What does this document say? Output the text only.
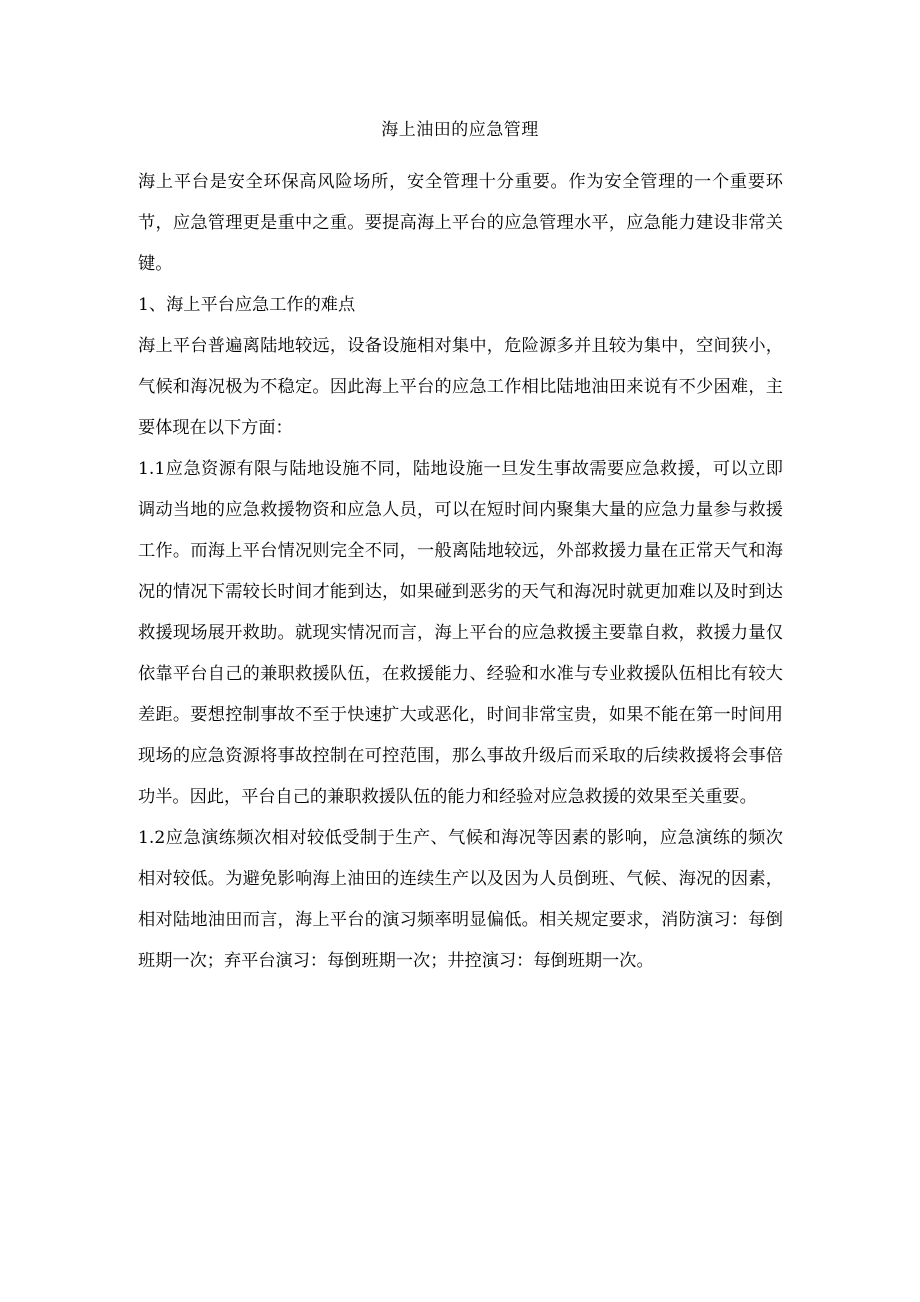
海上油田的应急管理

海上平台是安全环保高风险场所，安全管理十分重要。作为安全管理的一个重要环节，应急管理更是重中之重。要提高海上平台的应急管理水平，应急能力建设非常关键。

1、海上平台应急工作的难点

海上平台普遍离陆地较远，设备设施相对集中，危险源多并且较为集中，空间狭小，气候和海况极为不稳定。因此海上平台的应急工作相比陆地油田来说有不少困难，主要体现在以下方面：

1.1应急资源有限与陆地设施不同，陆地设施一旦发生事故需要应急救援，可以立即调动当地的应急救援物资和应急人员，可以在短时间内聚集大量的应急力量参与救援工作。而海上平台情况则完全不同，一般离陆地较远，外部救援力量在正常天气和海况的情况下需较长时间才能到达，如果碰到恶劣的天气和海况时就更加难以及时到达救援现场展开救助。就现实情况而言，海上平台的应急救援主要靠自救，救援力量仅依靠平台自己的兼职救援队伍，在救援能力、经验和水准与专业救援队伍相比有较大差距。要想控制事故不至于快速扩大或恶化，时间非常宝贵，如果不能在第一时间用现场的应急资源将事故控制在可控范围，那么事故升级后而采取的后续救援将会事倍功半。因此，平台自己的兼职救援队伍的能力和经验对应急救援的效果至关重要。

1.2应急演练频次相对较低受制于生产、气候和海况等因素的影响，应急演练的频次相对较低。为避免影响海上油田的连续生产以及因为人员倒班、气候、海况的因素，相对陆地油田而言，海上平台的演习频率明显偏低。相关规定要求，消防演习：每倒班期一次；弃平台演习：每倒班期一次；井控演习：每倒班期一次。
